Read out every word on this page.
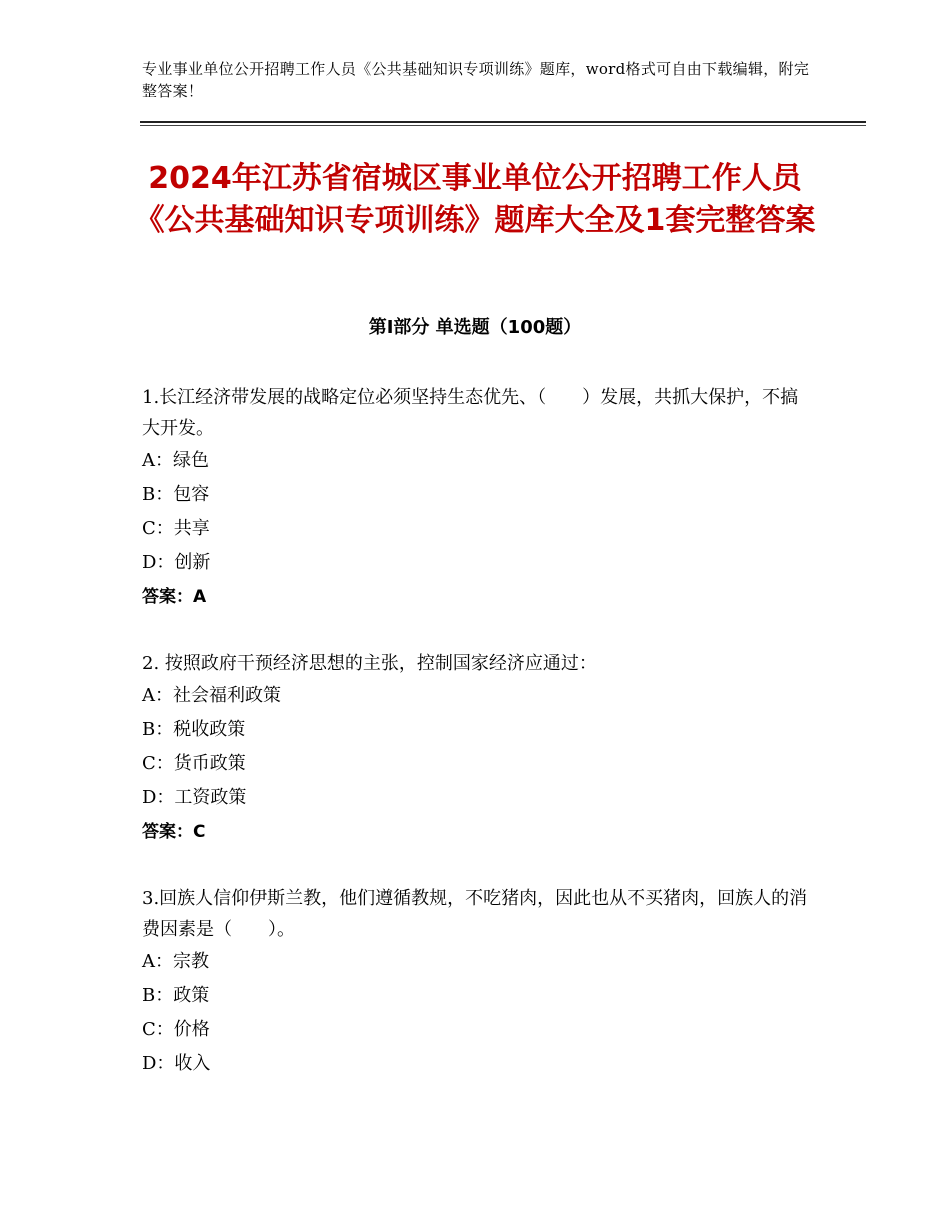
专业事业单位公开招聘工作人员《公共基础知识专项训练》题库，word格式可自由下载编辑，附完整答案！
2024年江苏省宿城区事业单位公开招聘工作人员《公共基础知识专项训练》题库大全及1套完整答案
第Ⅰ部分 单选题（100题）

1.长江经济带发展的战略定位必须坚持生态优先、（　　）发展，共抓大保护，不搞大开发。

A：绿色

B：包容

C：共享

D：创新

答案：A

2. 按照政府干预经济思想的主张，控制国家经济应通过：

A：社会福利政策

B：税收政策

C：货币政策

D：工资政策

答案：C

3.回族人信仰伊斯兰教，他们遵循教规，不吃猪肉，因此也从不买猪肉，回族人的消费因素是（　　）。

A：宗教

B：政策

C：价格

D：收入
